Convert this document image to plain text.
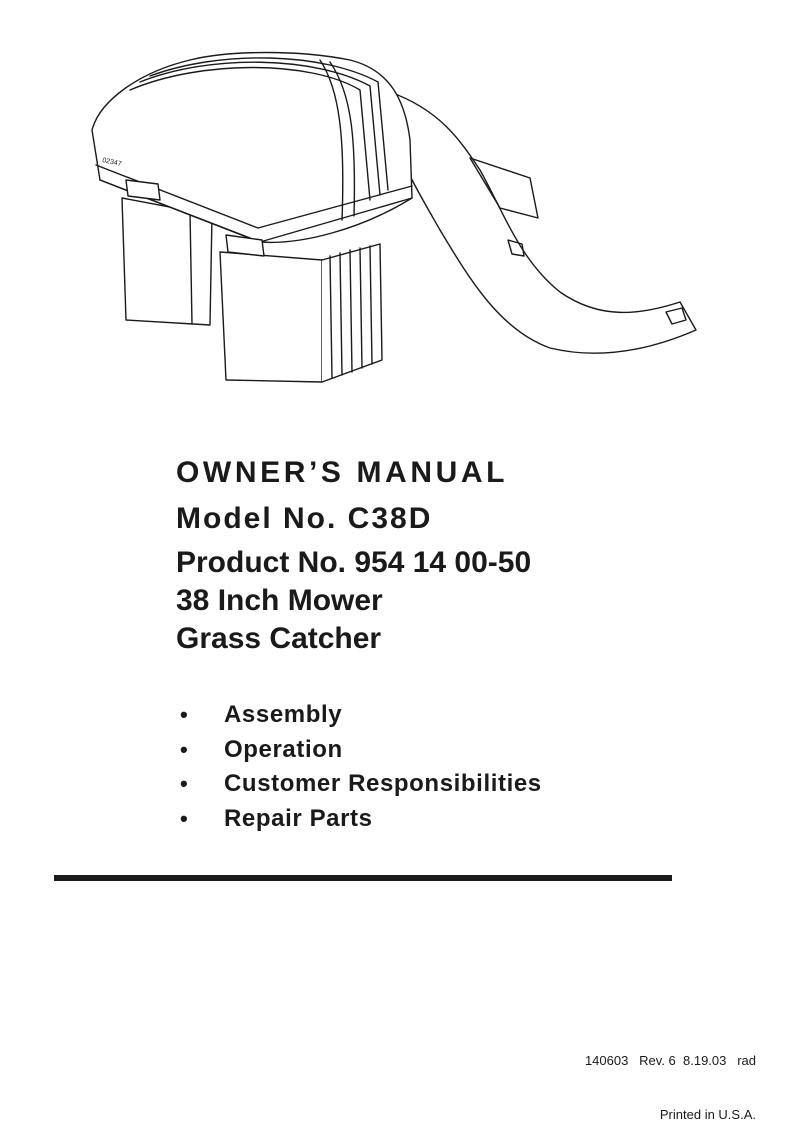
02347
OWNER’S MANUAL
Model No. C38D
Product No. 954 14 00-50
38 Inch Mower
Grass Catcher
•	Assembly
•	Operation
•	Customer Responsibilities
•	Repair Parts

140603   Rev. 6  8.19.03   rad

Printed in U.S.A.
